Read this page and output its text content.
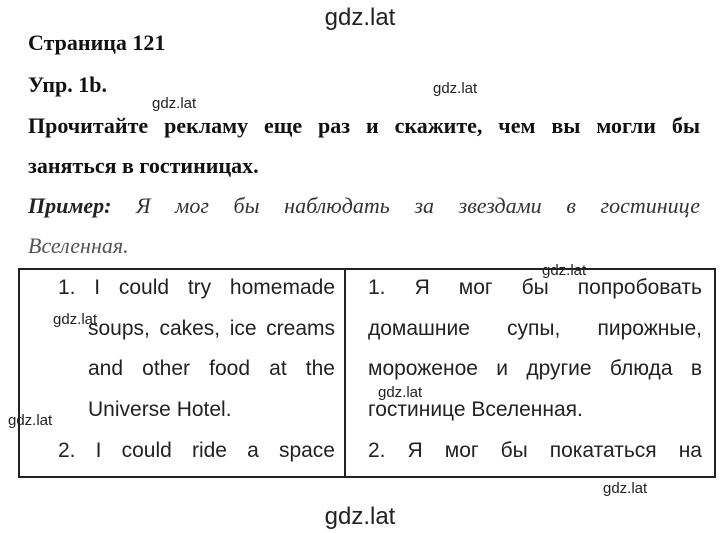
gdz.lat
gdz.lat
gdz.lat
gdz.lat
gdz.lat
gdz.lat
gdz.lat
gdz.lat
gdz.lat
Страница 121
Упр. 1b.
Прочитайте рекламу еще раз и скажите, чем вы могли бы
заняться в гостиницах.
Пример: Я мог бы наблюдать за звездами в гостинице
Вселенная.
1. I could try homemade
soups, cakes, ice creams
and other food at the
Universe Hotel.
2. I could ride a space
1. Я мог бы попробовать
домашние супы, пирожные,
мороженое и другие блюда в
гостинице Вселенная.
2. Я мог бы покататься на
